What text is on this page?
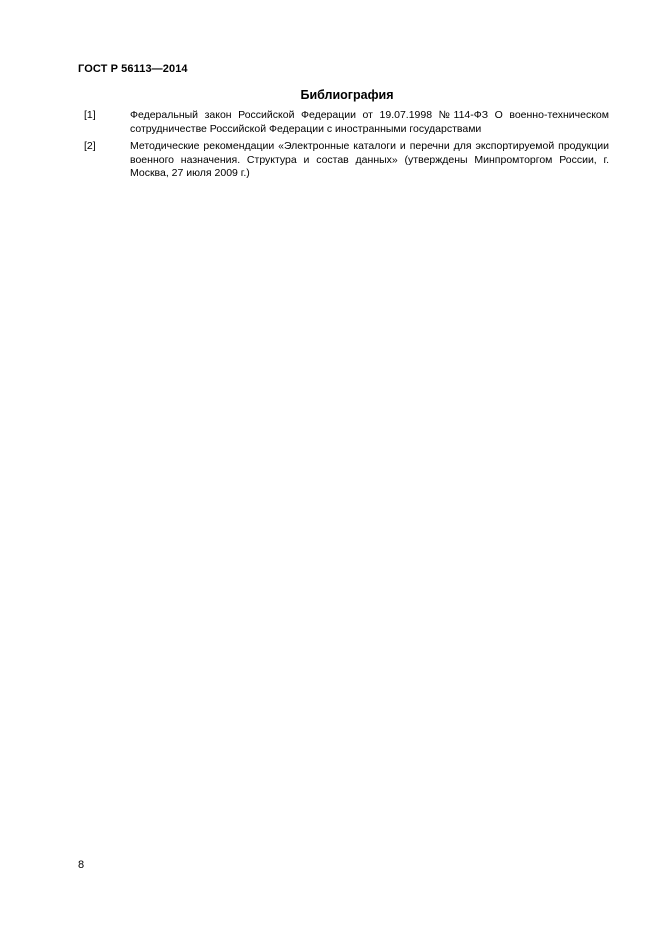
ГОСТ Р 56113—2014
Библиография
[1]	Федеральный закон Российской Федерации от 19.07.1998 №114-ФЗ О военно-техническом сотрудничестве Российской Федерации с иностранными государствами
[2]	Методические рекомендации «Электронные каталоги и перечни для экспортируемой продукции военного назначения. Структура и состав данных» (утверждены Минпромторгом России, г. Москва, 27 июля 2009 г.)
8
